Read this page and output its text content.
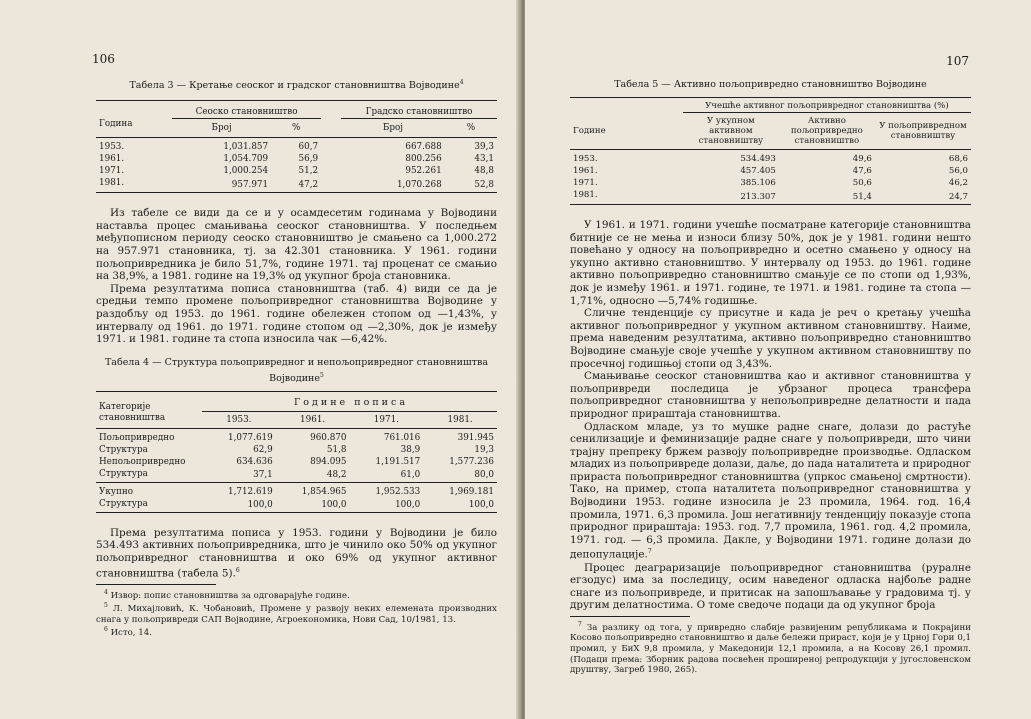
106
Табела 3 — Кретање сеоског и градског становништва Војводине$^4$
Година	Сеоско становништво			Градско становништво	
	Број	%		Број	%
1953.	1,031.857	60,7		667.688	39,3
1961.	1,054.709	56,9		800.256	43,1
1971.	1,000.254	51,2		952.261	48,8
1981.	957.971	47,2		1,070.268	52,8

Из табеле се види да се и у осамдесетим годинама у Војводини наставља процес смањивања сеоског становништва. У последњем међупописном периоду сеоско становништво је смањено са 1,000.272 на 957.971 становника, тј. за 42.301 становника. У 1961. години пољопривредника је било 51,7%, године 1971. тај проценат се смањио на 38,9%, а 1981. године на 19,3% од укупног броја становника.

Према резултатима пописа становништва (таб. 4) види се да је средњи темпо промене пољопривредног становништва Војводине у раздобљу од 1953. до 1961. године обележен стопом од —1,43%, у интервалу од 1961. до 1971. године стопом од —2,30%, док је између 1971. и 1981. године та стопа износила чак —6,42%.

Табела 4 — Структура пољопривредног и непољопривредног становништва
Војводине$^5$
Категорије становништва	Г о д и н е   п о п и с а			
	1953.	1961.	1971.	1981.
Пољопривредно	1,077.619	960.870	761.016	391.945
Структура	62,9	51,8	38,9	19,3
Непољопривредно	634.636	894.095	1,191.517	1,577.236
Структура	37,1	48,2	61,0	80,0
Укупно	1,712.619	1,854.965	1,952.533	1,969.181
Структура	100,0	100,0	100,0	100,0

Према резултатима пописа у 1953. години у Војводини је било 534.493 активних пољопривредника, што је чинило око 50% од укупног пољопривредног становништва и око 69% од укупног активног становништва (табела 5).$^6$

$^4$ Извор: попис становништва за одговарајуће године.
$^5$ Л. Михајловић, К. Чобановић, Промене у развоју неких елемената производних снага у пољопривреди САП Војводине, Агроекономика, Нови Сад, 10/1981, 13.
$^6$ Исто, 14.
107
Табела 5 — Активно пољопривредно становништво Војводине
Године	Учешће активног пољопривредног становништва (%)		
	У укупном активном становништву	Активно пољопривредно становништво	У пољопривредном становништву
1953.	534.493	49,6	68,6
1961.	457.405	47,6	56,0
1971.	385.106	50,6	46,2
1981.	213.307	51,4	24,7

У 1961. и 1971. години учешће посматране категорије становништва битније се не мења и износи близу 50%, док је у 1981. години нешто повећано у односу на пољопривредно и осетно смањено у односу на укупно активно становништво. У интервалу од 1953. до 1961. године активно пољопривредно становништво смањује се по стопи од 1,93%, док је између 1961. и 1971. године, те 1971. и 1981. године та стопа —1,71%, односно —5,74% годишње.

Сличне тенденције су присутне и када је реч о кретању учешћа активног пољопривредног у укупном активном становништву. Наиме, према наведеним резултатима, активно пољопривредно становништво Војводине смањује своје учешће у укупном активном становништву по просечној годишњој стопи од 3,43%.

Смањивање сеоског становништва као и активног становништва у пољопривреди последица је убрзаног процеса трансфера пољопривредног становништва у непољопривредне делатности и пада природног прираштаја становништва.

Одласком младе, уз то мушке радне снаге, долази до растуће сенилизације и феминизације радне снаге у пољопривреди, што чини трајну препреку бржем развоју пољопривредне производње. Одласком младих из пољопривреде долази, даље, до пада наталитета и природног прираста пољопривредног становништва (упркос смањеној смртности). Тако, на пример, стопа наталитета пољопривредног становништва у Војводини 1953. године износила је 23 промила, 1964. год. 16,4 промила, 1971. 6,3 промила. Још негативнију тенденцију показује стопа природног прираштаја: 1953. год. 7,7 промила, 1961. год. 4,2 промила, 1971. год. — 6,3 промила. Дакле, у Војводини 1971. године долази до депопулације.$^7$

Процес деаграризације пољопривредног становништва (руралне егзодус) има за последицу, осим наведеног одласка најбоље радне снаге из пољопривреде, и притисак на запошљавање у градовима тј. у другим делатностима. О томе сведоче подаци да од укупног броја

$^7$ За разлику од тога, у привредно слабије развијеним републикама и Покрајини Косово пољопривредно становништво и даље бележи прираст, који је у Црној Гори 0,1 промил, у БиХ 9,8 промила, у Македонији 12,1 промила, а на Косову 26,1 промил. (Подаци према: Зборник радова посвећен проширеној репродукцији у југословенском друштву, Загреб 1980, 265).
